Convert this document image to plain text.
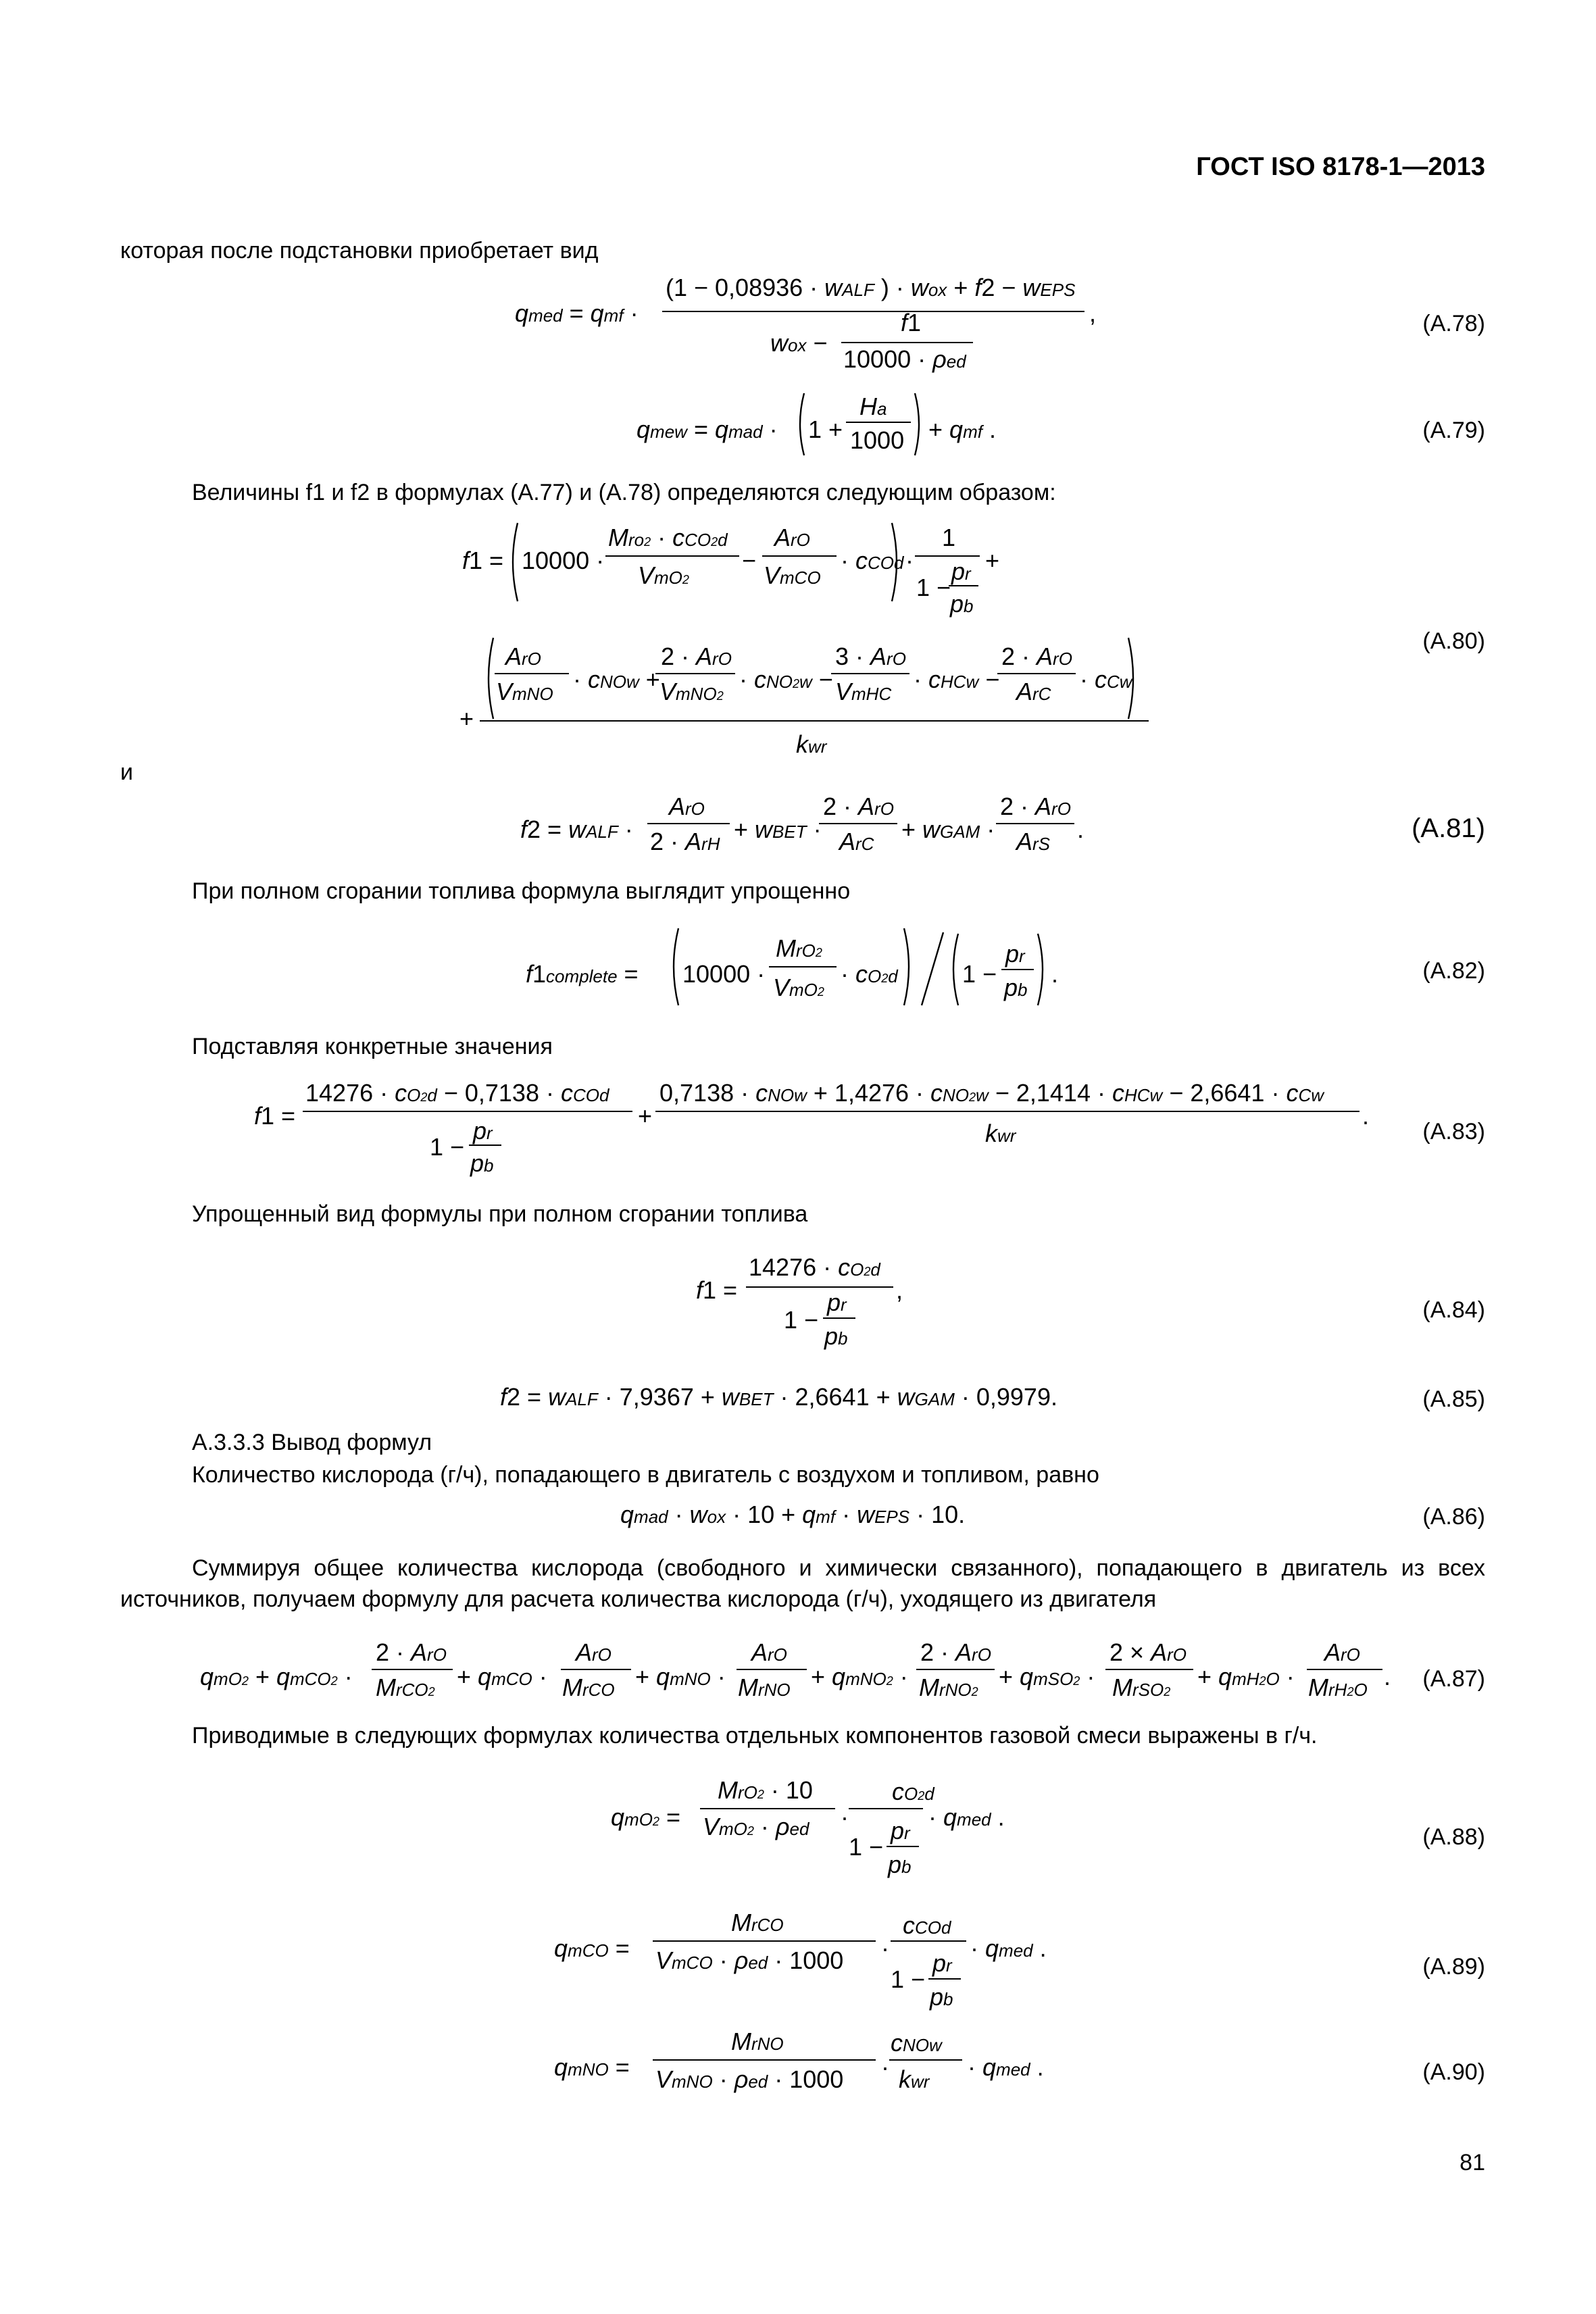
ГОСТ ISO 8178-1—2013
которая после подстановки приобретает вид
qmed = qmf ·
(1 − 0,08936 · wALF ) · wox + f2 − wEPS
,
wox −
f1
10000 · ρed
(А.78)
qmew = qmad · 1 +
Ha
1000 + qmf .	(А.79)
Величины f1 и f2 в формулах (А.77) и (А.78) определяются следующим образом:
f1 = 10000 ·
Mro2 · cCO2d
VmO2
−
ArO
VmCO
· cCOd ·
1
1 −
pr
pb
+
+
ArO
VmNO
· cNOw +
2 · ArO
VmNO2
· cNO2w −
3 · ArO
VmHC
· cHCw −
2 · ArO
ArC
· cCw
kwr
(А.80)
и
f2 = wALF ·
ArO
2 · ArH
+ wBET ·
2 · ArO
ArC
+ wGAM ·
2 · ArO
ArS
.	(А.81)
При полном сгорании топлива формула выглядит упрощенно
f1complete = 10000 ·
MrO2
VmO2
· cO2d	1 −
pr
pb
.	(А.82)
Подставляя конкретные значения
f1 =
14276 · cO2d − 0,7138 · cCOd
1 −
pr
pb
+
0,7138 · cNOw + 1,4276 · cNO2w − 2,1414 · cHCw − 2,6641 · cCw
kwr
.
(А.83)
Упрощенный вид формулы при полном сгорании топлива
f1 =
14276 · cO2d
1 −
pr
pb
,
(А.84)
f2 = wALF · 7,9367 + wBET · 2,6641 + wGAM · 0,9979.	(А.85)
А.3.3.3 Вывод формул
Количество кислорода (г/ч), попадающего в двигатель с воздухом и топливом, равно
qmad · wox · 10 + qmf · wEPS · 10.	(А.86)
Суммируя общее количества кислорода (свободного и химически связанного), попадающего в двигатель из всех источников, получаем формулу для расчета количества кислорода (г/ч), уходящего из двигателя
qmO2 + qmCO2 ·
2 · ArO
MrCO2
+ qmCO ·
ArO
MrCO + qmNO ·
ArO
MrNO + qmNO2 ·
2 · ArO
MrNO2
+ qmSO2 ·
2 × ArO
MrSO2
+ qmH2O ·
ArO
MrH2O . (А.87)
Приводимые в следующих формулах количества отдельных компонентов газовой смеси выражены в г/ч.
qmO2 =
MrO2 · 10
VmO2 · ρed ·
cO2d
1 −
pr
pb
· qmed .
(А.88)
qmCO =
MrCO
VmCO · ρed · 1000 ·
cCOd
1 −
pr
pb
· qmed .
(А.89)
qmNO =
MrNO
VmNO · ρed · 1000 ·
cNOw
kwr
· qmed .	(А.90)
81
